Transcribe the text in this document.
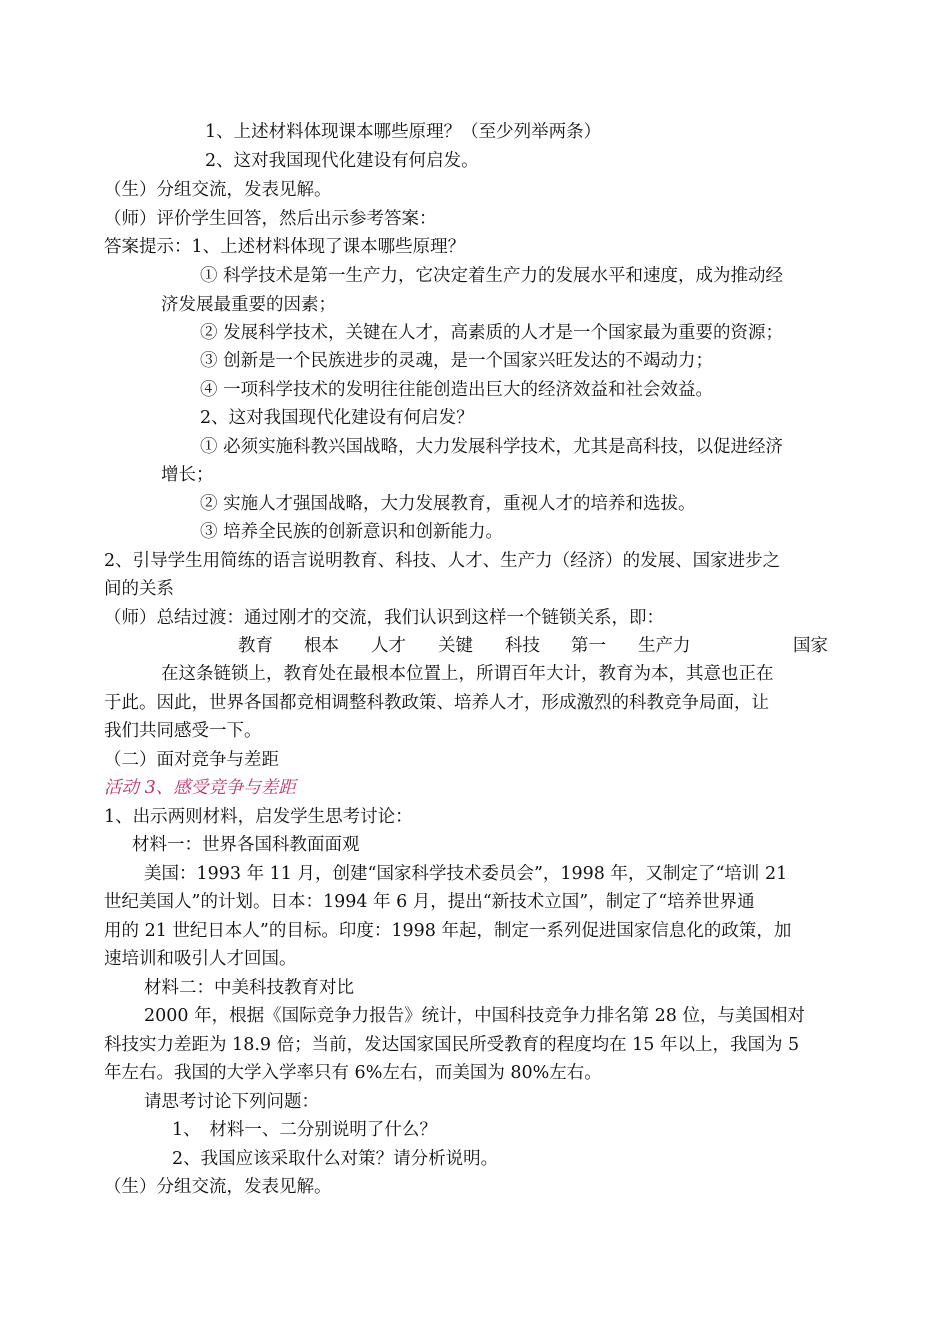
1、上述材料体现课本哪些原理？（至少列举两条）
2、这对我国现代化建设有何启发。
（生）分组交流，发表见解。
（师）评价学生回答，然后出示参考答案：
答案提示：1、上述材料体现了课本哪些原理？
① 科学技术是第一生产力，它决定着生产力的发展水平和速度，成为推动经
济发展最重要的因素；
② 发展科学技术，关键在人才，高素质的人才是一个国家最为重要的资源；
③ 创新是一个民族进步的灵魂，是一个国家兴旺发达的不竭动力；
④ 一项科学技术的发明往往能创造出巨大的经济效益和社会效益。
2、这对我国现代化建设有何启发？
① 必须实施科教兴国战略，大力发展科学技术，尤其是高科技，以促进经济
增长；
② 实施人才强国战略，大力发展教育，重视人才的培养和选拔。
③ 培养全民族的创新意识和创新能力。
2、引导学生用简练的语言说明教育、科技、人才、生产力（经济）的发展、国家进步之
间的关系
（师）总结过渡：通过刚才的交流，我们认识到这样一个链锁关系，即：
教育 根本 人才 关键 科技 第一 生产力	国家
在这条链锁上，教育处在最根本位置上，所谓百年大计，教育为本，其意也正在
于此。因此，世界各国都竞相调整科教政策、培养人才，形成激烈的科教竞争局面，让
我们共同感受一下。
（二）面对竞争与差距
活动 3、感受竞争与差距
1、出示两则材料，启发学生思考讨论：
材料一：世界各国科教面面观
美国：1993 年 11 月，创建“国家科学技术委员会”，1998 年，又制定了“培训 21
世纪美国人”的计划。日本：1994 年 6 月，提出“新技术立国”，制定了“培养世界通
用的 21 世纪日本人”的目标。印度：1998 年起，制定一系列促进国家信息化的政策，加
速培训和吸引人才回国。
材料二：中美科技教育对比
2000 年，根据《国际竞争力报告》统计，中国科技竞争力排名第 28 位，与美国相对
科技实力差距为 18.9 倍；当前，发达国家国民所受教育的程度均在 15 年以上，我国为 5
年左右。我国的大学入学率只有 6%左右，而美国为 80%左右。
请思考讨论下列问题：
1、　材料一、二分别说明了什么？
2、我国应该采取什么对策？请分析说明。
（生）分组交流，发表见解。
